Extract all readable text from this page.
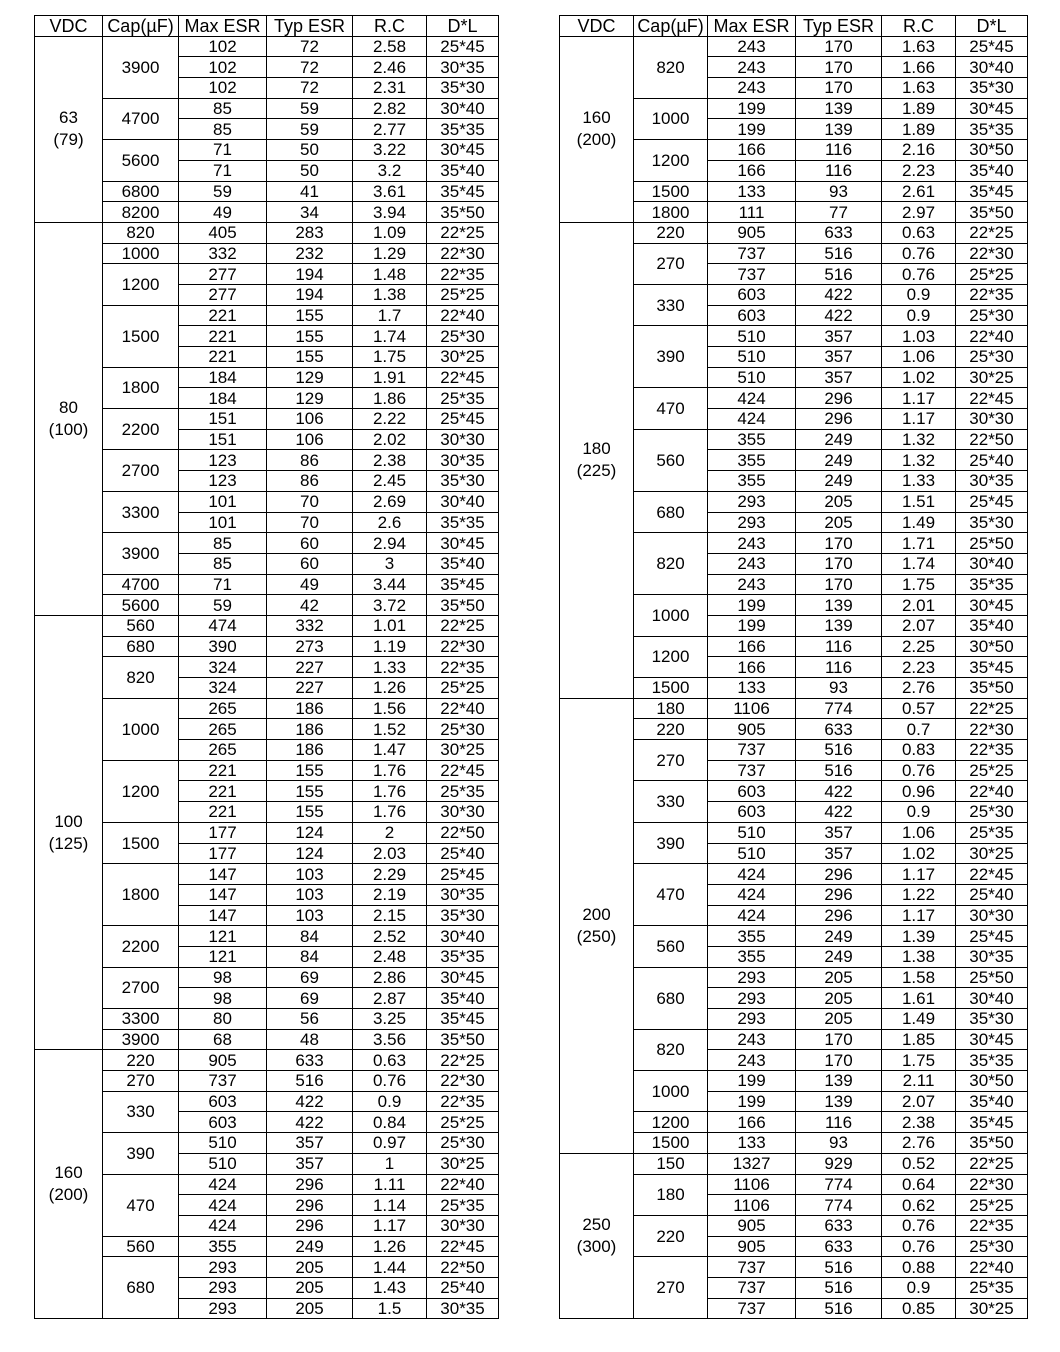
VDC	Cap(µF)	Max ESR	Typ ESR	R.C	D*L

63
(79)	3900	102	72	2.58	25*45
		102	72	2.46	30*35
		102	72	2.31	35*30
	4700	85	59	2.82	30*40
		85	59	2.77	35*35
	5600	71	50	3.22	30*45
		71	50	3.2	35*40
	6800	59	41	3.61	35*45
	8200	49	34	3.94	35*50

80
(100)	820	405	283	1.09	22*25
	1000	332	232	1.29	22*30
	1200	277	194	1.48	22*35
		277	194	1.38	25*25
	1500	221	155	1.7	22*40
		221	155	1.74	25*30
		221	155	1.75	30*25
	1800	184	129	1.91	22*45
		184	129	1.86	25*35
	2200	151	106	2.22	25*45
		151	106	2.02	30*30
	2700	123	86	2.38	30*35
		123	86	2.45	35*30
	3300	101	70	2.69	30*40
		101	70	2.6	35*35
	3900	85	60	2.94	30*45
		85	60	3	35*40
	4700	71	49	3.44	35*45
	5600	59	42	3.72	35*50

100
(125)	560	474	332	1.01	22*25
	680	390	273	1.19	22*30
	820	324	227	1.33	22*35
		324	227	1.26	25*25
	1000	265	186	1.56	22*40
		265	186	1.52	25*30
		265	186	1.47	30*25
	1200	221	155	1.76	22*45
		221	155	1.76	25*35
		221	155	1.76	30*30
	1500	177	124	2	22*50
		177	124	2.03	25*40
	1800	147	103	2.29	25*45
		147	103	2.19	30*35
		147	103	2.15	35*30
	2200	121	84	2.52	30*40
		121	84	2.48	35*35
	2700	98	69	2.86	30*45
		98	69	2.87	35*40
	3300	80	56	3.25	35*45
	3900	68	48	3.56	35*50

160
(200)	220	905	633	0.63	22*25
	270	737	516	0.76	22*30
	330	603	422	0.9	22*35
		603	422	0.84	25*25
	390	510	357	0.97	25*30
		510	357	1	30*25
	470	424	296	1.11	22*40
		424	296	1.14	25*35
		424	296	1.17	30*30
	560	355	249	1.26	22*45
	680	293	205	1.44	22*50
		293	205	1.43	25*40
		293	205	1.5	30*35
VDC	Cap(µF)	Max ESR	Typ ESR	R.C	D*L

160
(200)	820	243	170	1.63	25*45
		243	170	1.66	30*40
		243	170	1.63	35*30
	1000	199	139	1.89	30*45
		199	139	1.89	35*35
	1200	166	116	2.16	30*50
		166	116	2.23	35*40
	1500	133	93	2.61	35*45
	1800	111	77	2.97	35*50

180
(225)	220	905	633	0.63	22*25
	270	737	516	0.76	22*30
		737	516	0.76	25*25
	330	603	422	0.9	22*35
		603	422	0.9	25*30
	390	510	357	1.03	22*40
		510	357	1.06	25*30
		510	357	1.02	30*25
	470	424	296	1.17	22*45
		424	296	1.17	30*30
	560	355	249	1.32	22*50
		355	249	1.32	25*40
		355	249	1.33	30*35
	680	293	205	1.51	25*45
		293	205	1.49	35*30
	820	243	170	1.71	25*50
		243	170	1.74	30*40
		243	170	1.75	35*35
	1000	199	139	2.01	30*45
		199	139	2.07	35*40
	1200	166	116	2.25	30*50
		166	116	2.23	35*45
	1500	133	93	2.76	35*50

200
(250)	180	1106	774	0.57	22*25
	220	905	633	0.7	22*30
	270	737	516	0.83	22*35
		737	516	0.76	25*25
	330	603	422	0.96	22*40
		603	422	0.9	25*30
	390	510	357	1.06	25*35
		510	357	1.02	30*25
	470	424	296	1.17	22*45
		424	296	1.22	25*40
		424	296	1.17	30*30
	560	355	249	1.39	25*45
		355	249	1.38	30*35
	680	293	205	1.58	25*50
		293	205	1.61	30*40
		293	205	1.49	35*30
	820	243	170	1.85	30*45
		243	170	1.75	35*35
	1000	199	139	2.11	30*50
		199	139	2.07	35*40
	1200	166	116	2.38	35*45
	1500	133	93	2.76	35*50

250
(300)	150	1327	929	0.52	22*25
	180	1106	774	0.64	22*30
		1106	774	0.62	25*25
	220	905	633	0.76	22*35
		905	633	0.76	25*30
	270	737	516	0.88	22*40
		737	516	0.9	25*35
		737	516	0.85	30*25
